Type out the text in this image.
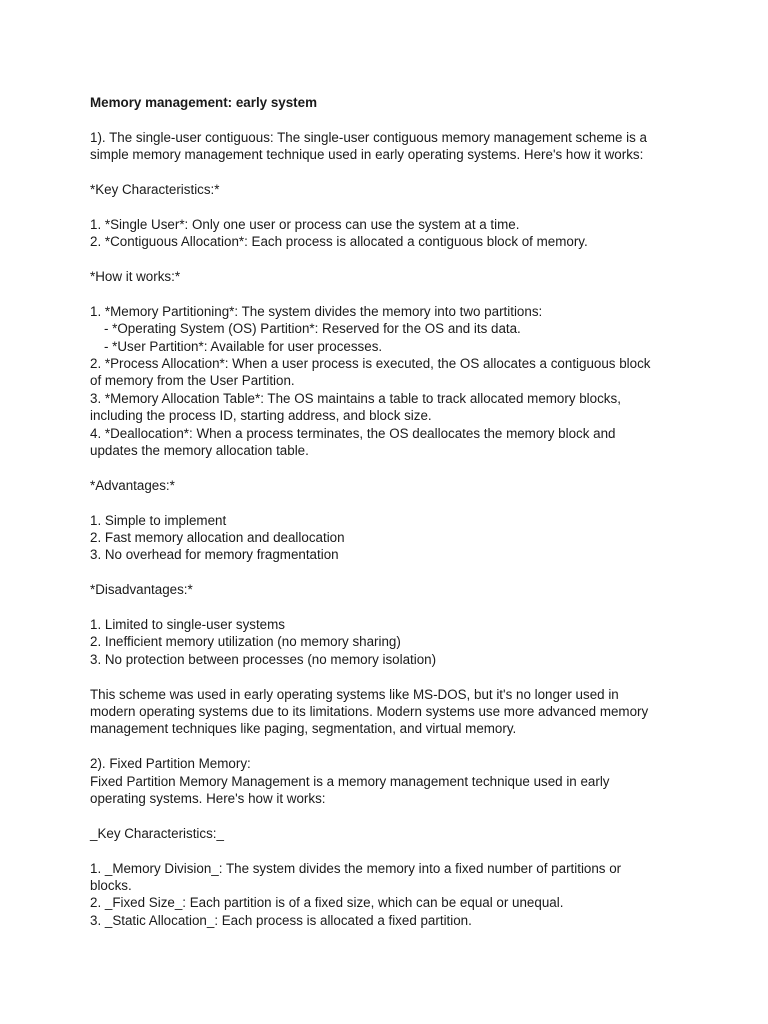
Memory management: early system
1). The single-user contiguous: The single-user contiguous memory management scheme is a
simple memory management technique used in early operating systems. Here's how it works:
*Key Characteristics:*
1. *Single User*: Only one user or process can use the system at a time.
2. *Contiguous Allocation*: Each process is allocated a contiguous block of memory.
*How it works:*
1. *Memory Partitioning*: The system divides the memory into two partitions:
- *Operating System (OS) Partition*: Reserved for the OS and its data.
- *User Partition*: Available for user processes.
2. *Process Allocation*: When a user process is executed, the OS allocates a contiguous block
of memory from the User Partition.
3. *Memory Allocation Table*: The OS maintains a table to track allocated memory blocks,
including the process ID, starting address, and block size.
4. *Deallocation*: When a process terminates, the OS deallocates the memory block and
updates the memory allocation table.
*Advantages:*
1. Simple to implement
2. Fast memory allocation and deallocation
3. No overhead for memory fragmentation
*Disadvantages:*
1. Limited to single-user systems
2. Inefficient memory utilization (no memory sharing)
3. No protection between processes (no memory isolation)
This scheme was used in early operating systems like MS-DOS, but it's no longer used in
modern operating systems due to its limitations. Modern systems use more advanced memory
management techniques like paging, segmentation, and virtual memory.
2). Fixed Partition Memory:
Fixed Partition Memory Management is a memory management technique used in early
operating systems. Here's how it works:
_Key Characteristics:_
1. _Memory Division_: The system divides the memory into a fixed number of partitions or
blocks.
2. _Fixed Size_: Each partition is of a fixed size, which can be equal or unequal.
3. _Static Allocation_: Each process is allocated a fixed partition.
